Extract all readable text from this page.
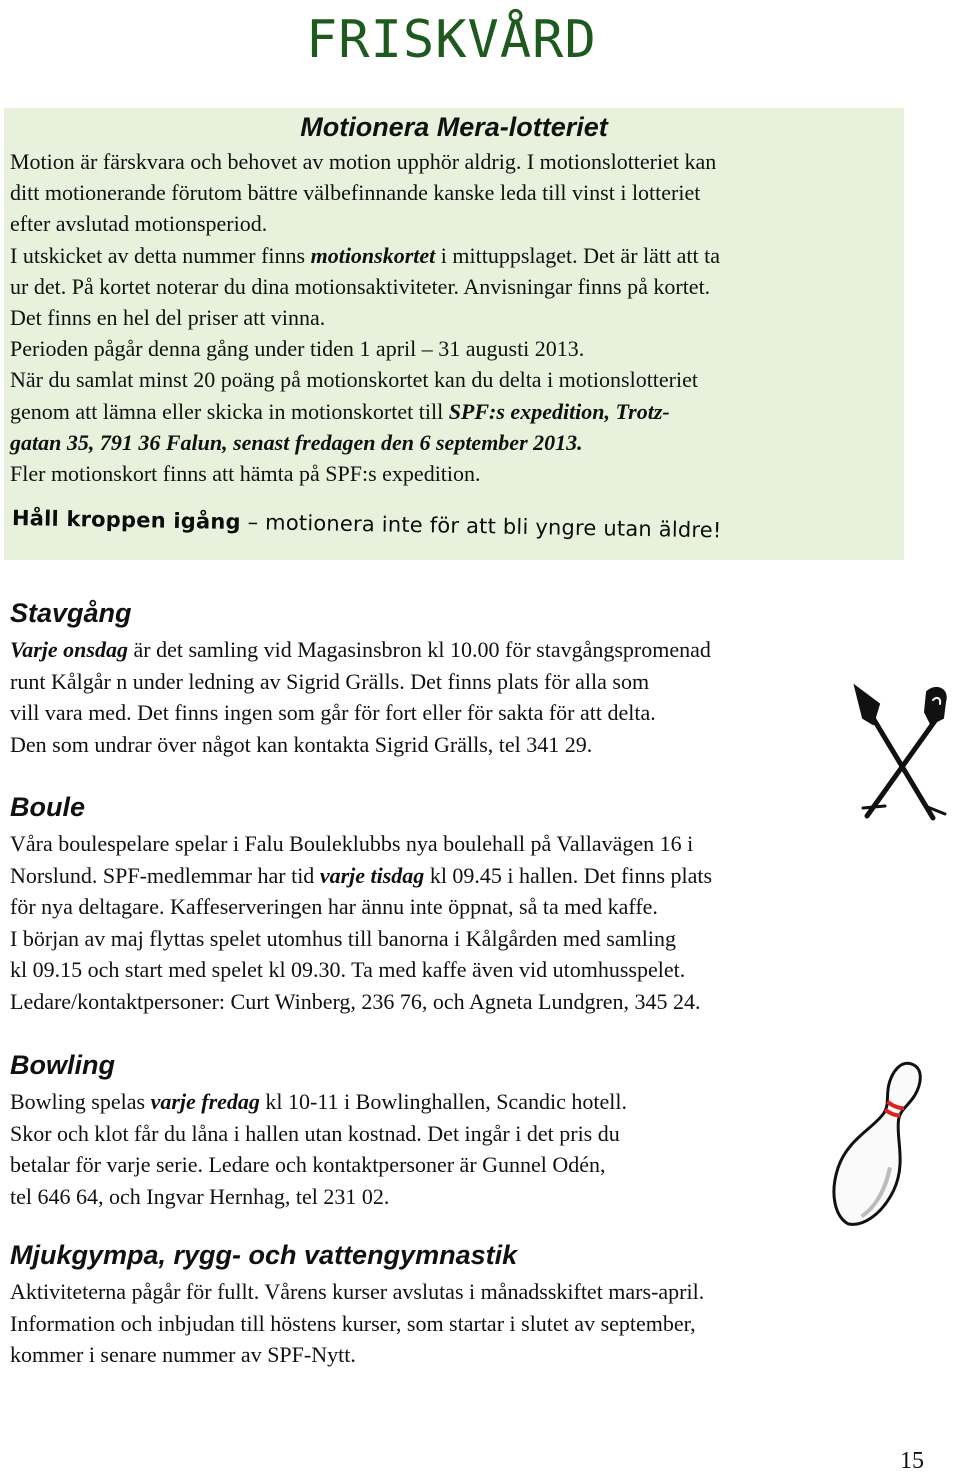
FRISKVÅRD
Motionera Mera-lotteriet
Motion är färskvara och behovet av motion upphör aldrig. I motionslotteriet kan
ditt motionerande förutom bättre välbefinnande kanske leda till vinst i lotteriet
efter avslutad motionsperiod.
I utskicket av detta nummer finns motionskortet i mittuppslaget. Det är lätt att ta
ur det. På kortet noterar du dina motionsaktiviteter. Anvisningar finns på kortet.
Det finns en hel del priser att vinna.
Perioden pågår denna gång under tiden 1 april – 31 augusti 2013.
När du samlat minst 20 poäng på motionskortet kan du delta i motionslotteriet
genom att lämna eller skicka in motionskortet till SPF:s expedition, Trotz-
gatan 35, 791 36 Falun, senast fredagen den 6 september 2013.
Fler motionskort finns att hämta på SPF:s expedition.
Håll kroppen igång – motionera inte för att bli yngre utan äldre!
Stavgång
Varje onsdag är det samling vid Magasinsbron kl 10.00 för stavgångspromenad
runt Kålgår n under ledning av Sigrid Grälls. Det finns plats för alla som
vill vara med. Det finns ingen som går för fort eller för sakta för att delta.
Den som undrar över något kan kontakta Sigrid Grälls, tel 341 29.
Boule
Våra boulespelare spelar i Falu Bouleklubbs nya boulehall på Vallavägen 16 i
Norslund. SPF-medlemmar har tid varje tisdag kl 09.45 i hallen. Det finns plats
för nya deltagare. Kaffeserveringen har ännu inte öppnat, så ta med kaffe.
I början av maj flyttas spelet utomhus till banorna i Kålgården med samling
kl 09.15 och start med spelet kl 09.30. Ta med kaffe även vid utomhusspelet.
Ledare/kontaktpersoner: Curt Winberg, 236 76, och Agneta Lundgren, 345 24.
Bowling
Bowling spelas varje fredag kl 10-11 i Bowlinghallen, Scandic hotell.
Skor och klot får du låna i hallen utan kostnad. Det ingår i det pris du
betalar för varje serie. Ledare och kontaktpersoner är Gunnel Odén,
tel 646 64, och Ingvar Hernhag, tel 231 02.
Mjukgympa, rygg- och vattengymnastik
Aktiviteterna pågår för fullt. Vårens kurser avslutas i månadsskiftet mars-april.
Information och inbjudan till höstens kurser, som startar i slutet av september,
kommer i senare nummer av SPF-Nytt.
15
